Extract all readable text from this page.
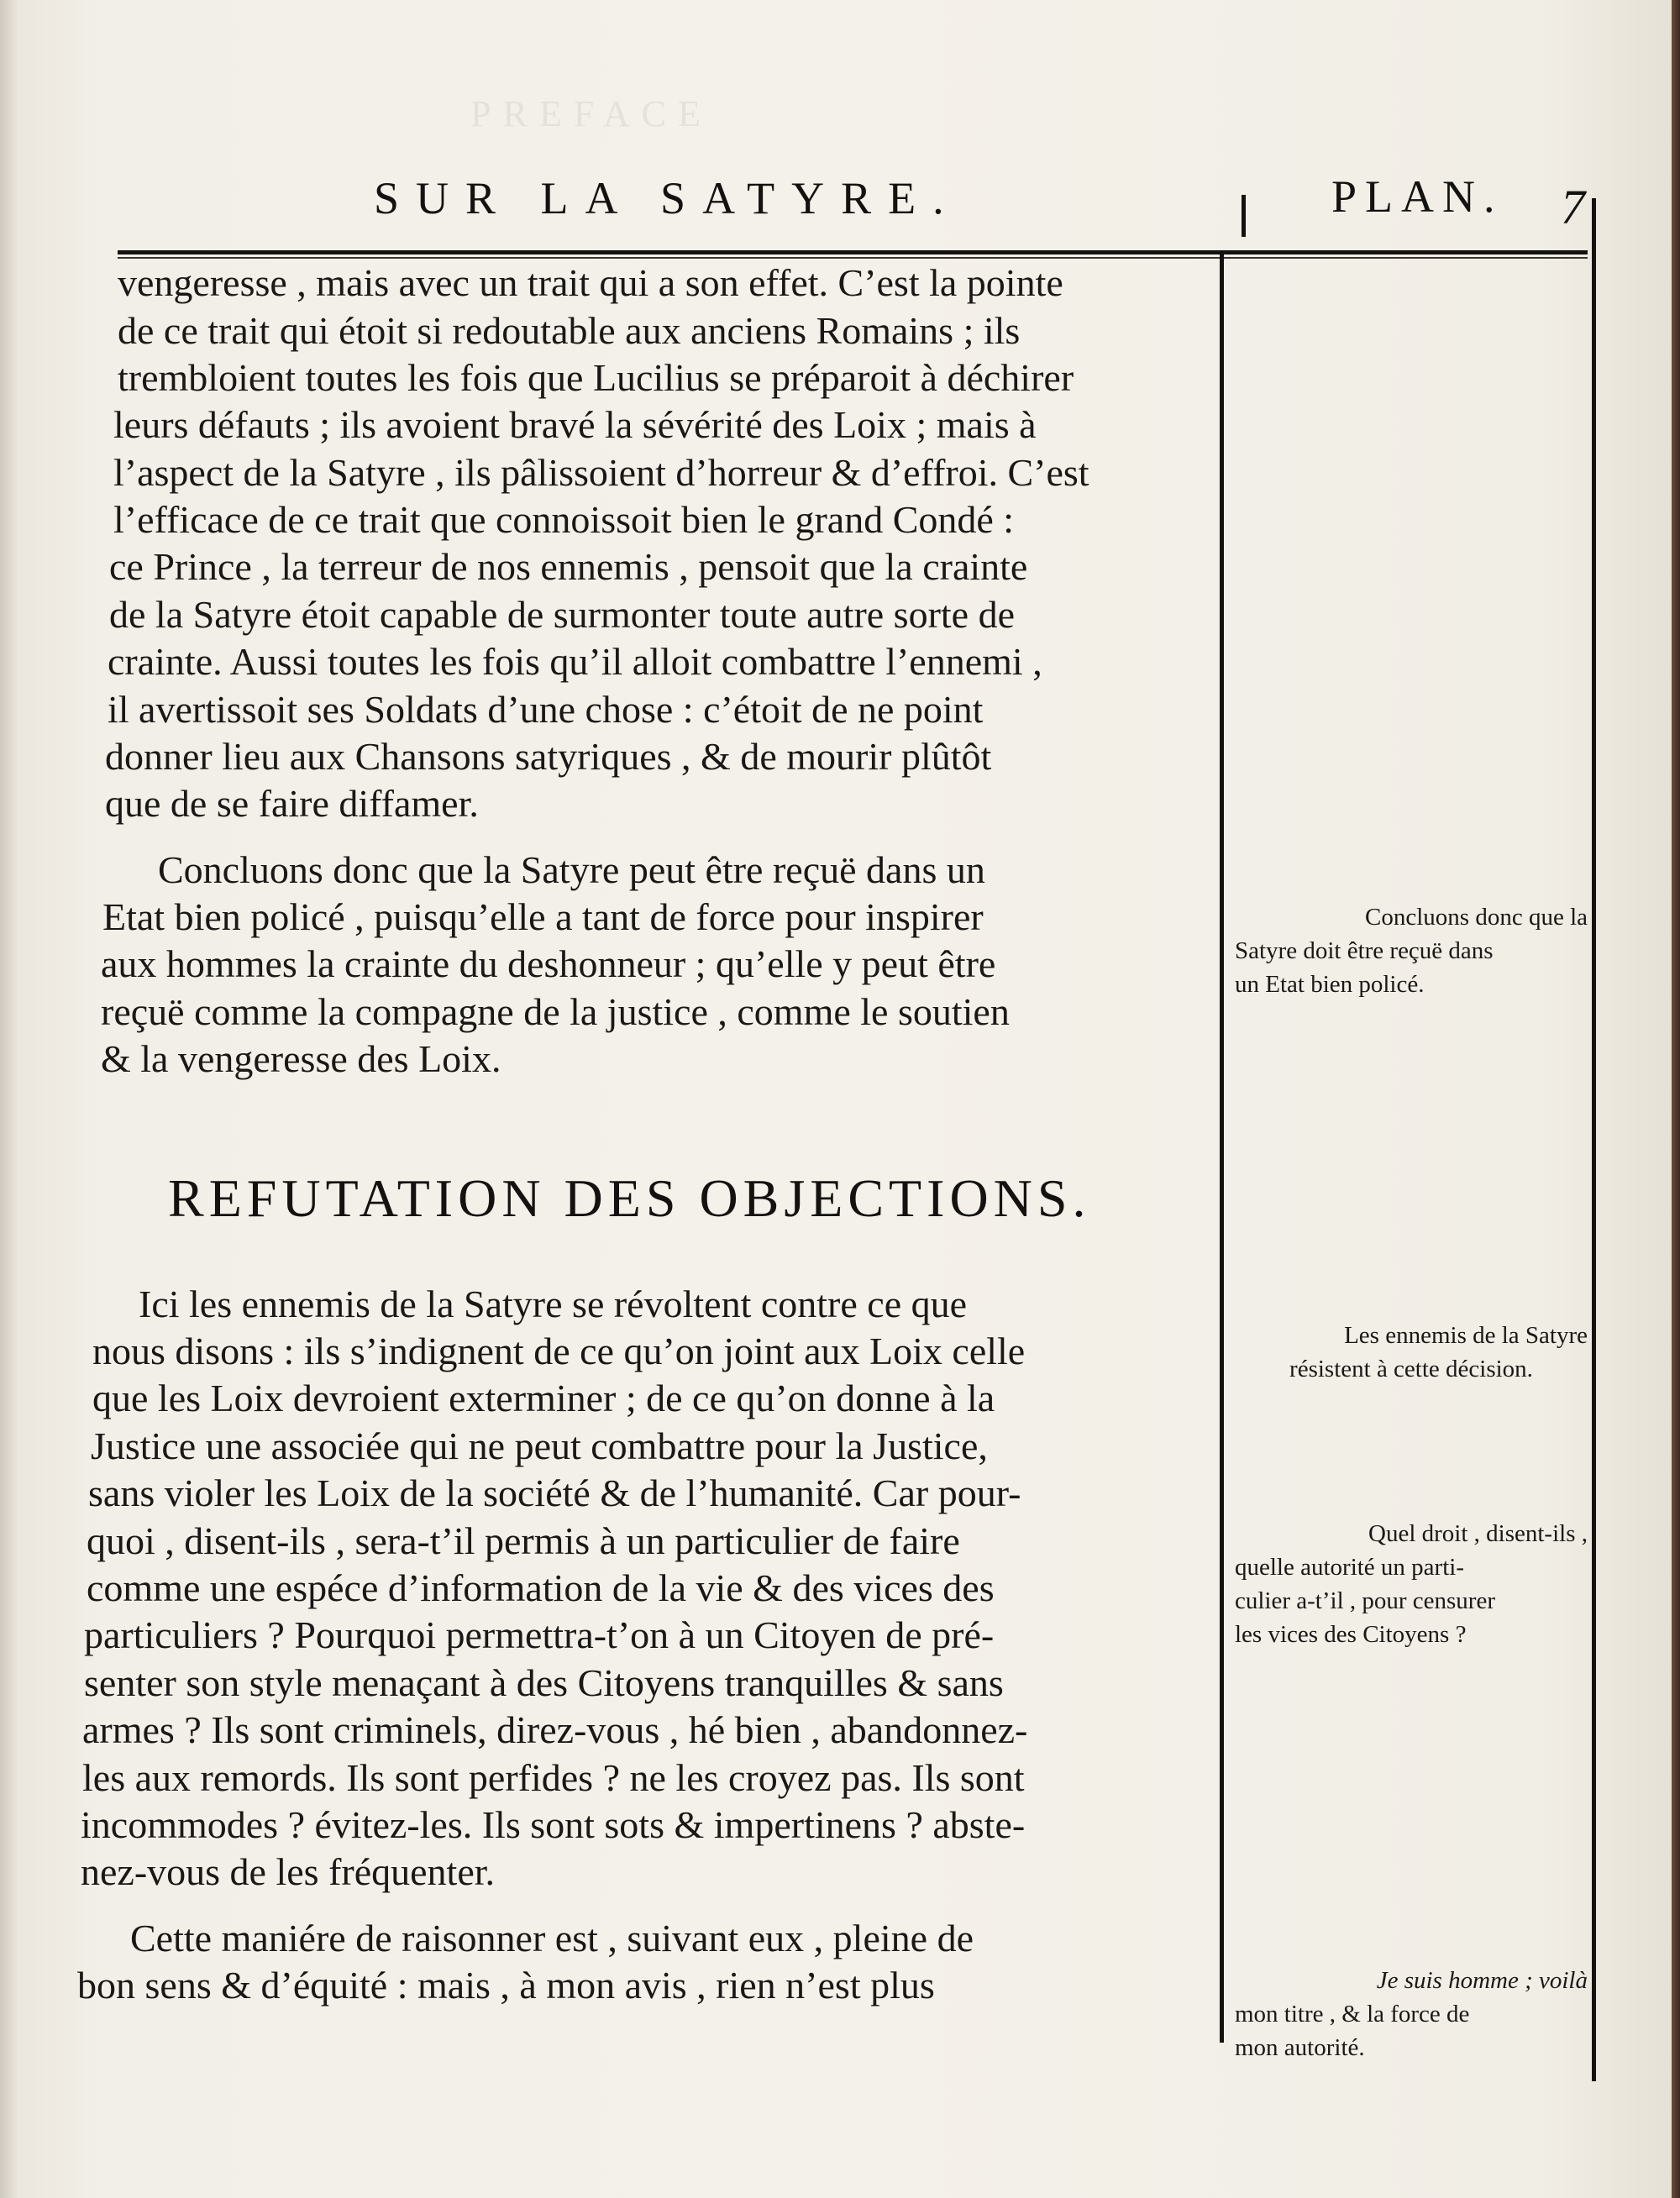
PREFACE
SUR LA SATYRE.	PLAN. 7

vengeresse , mais avec un trait qui a son effet. C’est la pointe

de ce trait qui étoit si redoutable aux anciens Romains ; ils

trembloient toutes les fois que Lucilius se préparoit à déchirer

leurs défauts ; ils avoient bravé la sévérité des Loix ; mais à

l’aspect de la Satyre , ils pâlissoient d’horreur & d’effroi. C’est

l’efficace de ce trait que connoissoit bien le grand Condé :

ce Prince , la terreur de nos ennemis , pensoit que la crainte

de la Satyre étoit capable de surmonter toute autre sorte de

crainte. Aussi toutes les fois qu’il alloit combattre l’ennemi ,

il avertissoit ses Soldats d’une chose : c’étoit de ne point

donner lieu aux Chansons satyriques , & de mourir plûtôt

que de se faire diffamer.

Concluons donc que la Satyre peut être reçuë dans un

Etat bien policé , puisqu’elle a tant de force pour inspirer

aux hommes la crainte du deshonneur ; qu’elle y peut être

reçuë comme la compagne de la justice , comme le soutien

& la vengeresse des Loix.

REFUTATION DES OBJECTIONS.

Ici les ennemis de la Satyre se révoltent contre ce que

nous disons : ils s’indignent de ce qu’on joint aux Loix celle

que les Loix devroient exterminer ; de ce qu’on donne à la

Justice une associée qui ne peut combattre pour la Justice,

sans violer les Loix de la société & de l’humanité. Car pour-

quoi , disent-ils , sera-t’il permis à un particulier de faire

comme une espéce d’information de la vie & des vices des

particuliers ? Pourquoi permettra-t’on à un Citoyen de pré-

senter son style menaçant à des Citoyens tranquilles & sans

armes ? Ils sont criminels, direz-vous , hé bien , abandonnez-

les aux remords. Ils sont perfides ? ne les croyez pas. Ils sont

incommodes ? évitez-les. Ils sont sots & impertinens ? abste-

nez-vous de les fréquenter.

Cette maniére de raisonner est , suivant eux , pleine de

bon sens & d’équité : mais , à mon avis , rien n’est plus

Concluons donc que la
Satyre doit être reçuë dans
un Etat bien policé.
Les ennemis de la Satyre
résistent à cette décision.
Quel droit , disent-ils ,
quelle autorité un parti-
culier a-t’il , pour censurer
les vices des Citoyens ?
Je suis homme ; voilà
mon titre , & la force de
mon autorité.
